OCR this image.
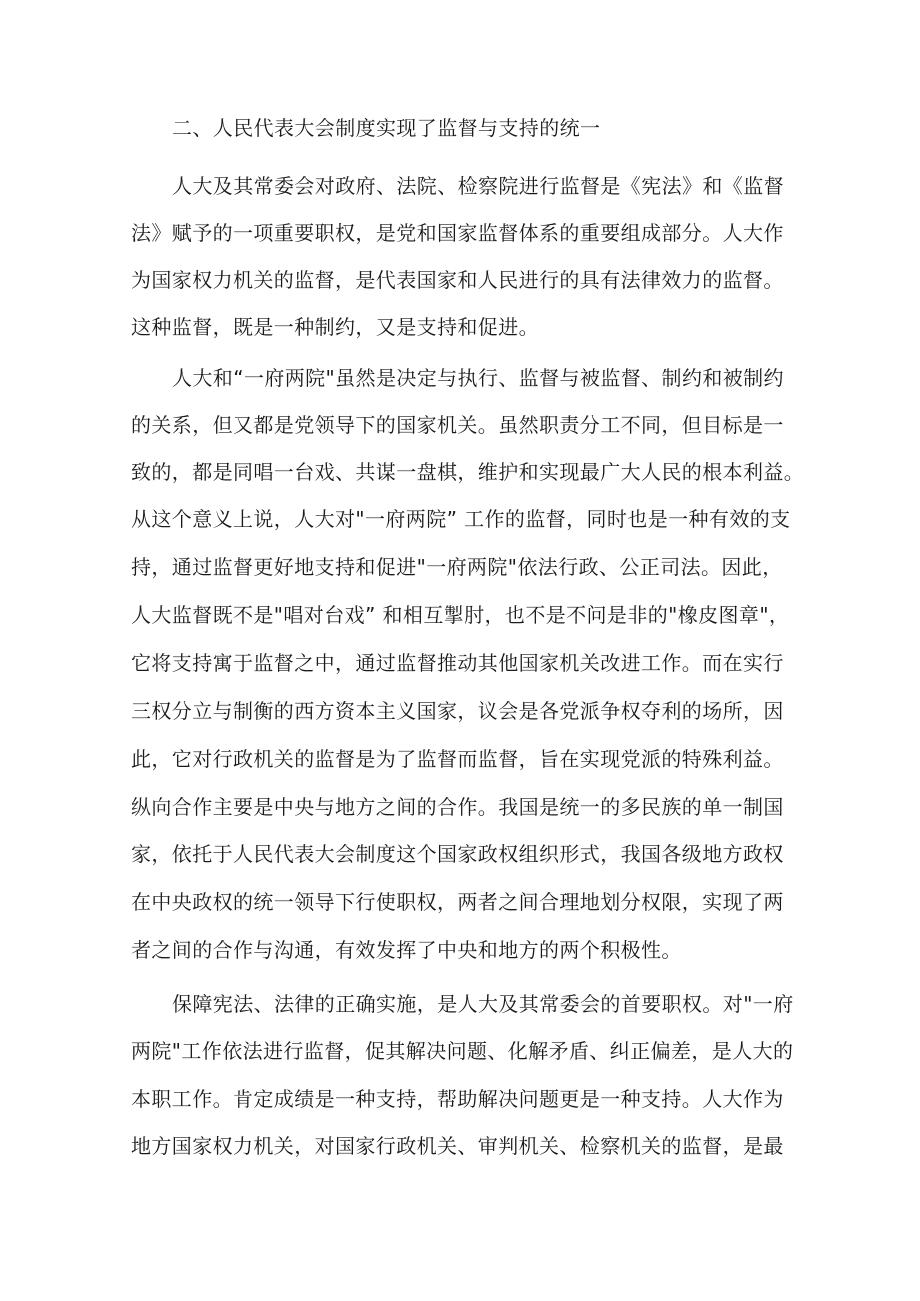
二、人民代表大会制度实现了监督与支持的统一
人大及其常委会对政府、法院、检察院进行监督是《宪法》和《监督
法》赋予的一项重要职权，是党和国家监督体系的重要组成部分。人大作
为国家权力机关的监督，是代表国家和人民进行的具有法律效力的监督。
这种监督，既是一种制约，又是支持和促进。
人大和“一府两院"虽然是决定与执行、监督与被监督、制约和被制约
的关系，但又都是党领导下的国家机关。虽然职责分工不同，但目标是一
致的，都是同唱一台戏、共谋一盘棋，维护和实现最广大人民的根本利益。
从这个意义上说，人大对"一府两院” 工作的监督，同时也是一种有效的支
持，通过监督更好地支持和促进"一府两院"依法行政、公正司法。因此，
人大监督既不是"唱对台戏” 和相互掣肘，也不是不问是非的"橡皮图章"，
它将支持寓于监督之中，通过监督推动其他国家机关改进工作。而在实行
三权分立与制衡的西方资本主义国家，议会是各党派争权夺利的场所，因
此，它对行政机关的监督是为了监督而监督，旨在实现党派的特殊利益。
纵向合作主要是中央与地方之间的合作。我国是统一的多民族的单一制国
家，依托于人民代表大会制度这个国家政权组织形式，我国各级地方政权
在中央政权的统一领导下行使职权，两者之间合理地划分权限，实现了两
者之间的合作与沟通，有效发挥了中央和地方的两个积极性。
保障宪法、法律的正确实施，是人大及其常委会的首要职权。对"一府
两院"工作依法进行监督，促其解决问题、化解矛盾、纠正偏差，是人大的
本职工作。肯定成绩是一种支持，帮助解决问题更是一种支持。人大作为
地方国家权力机关，对国家行政机关、审判机关、检察机关的监督，是最
